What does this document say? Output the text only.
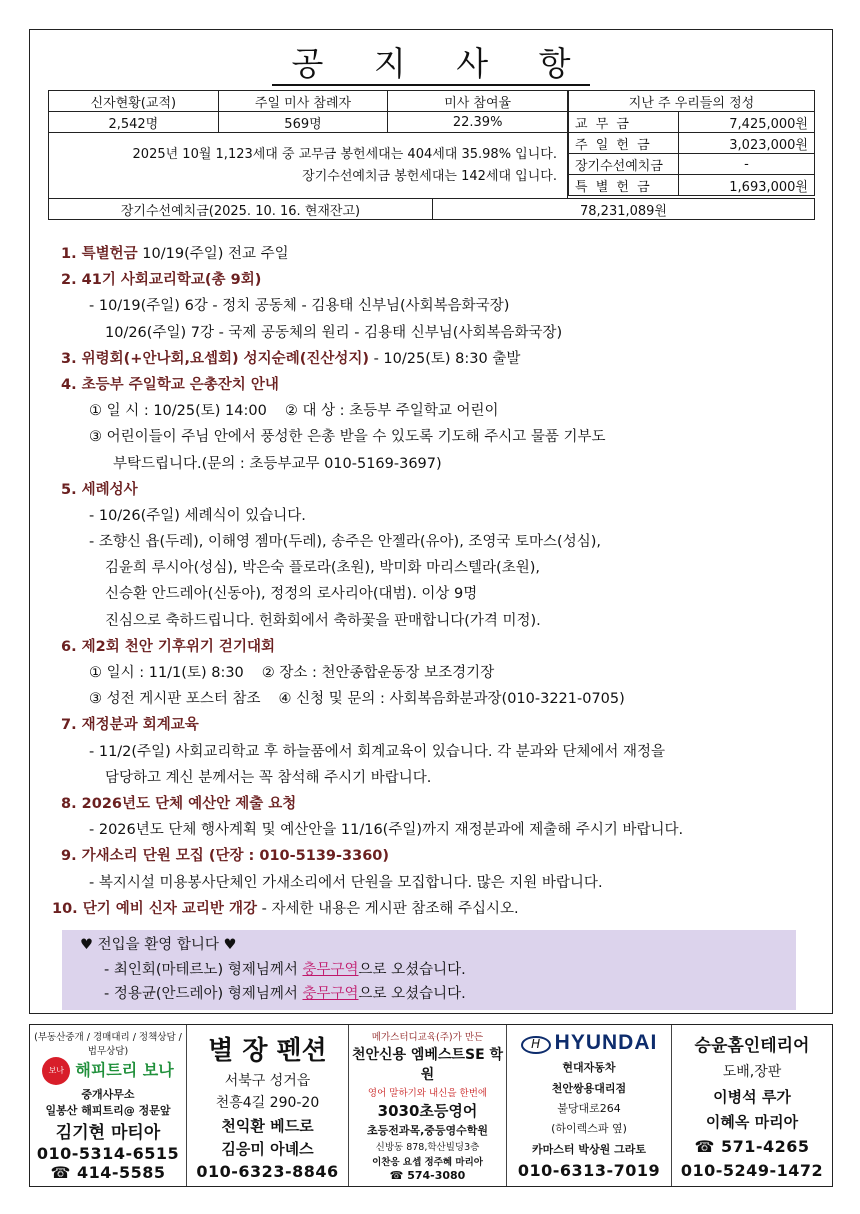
공 지 사 항
신자현황(교적)	주일 미사 참례자	미사 참여율
2,542명	569명	22.39%

2025년 10월 1,123세대 중 교무금 봉헌세대는 404세대 35.98% 입니다.
장기수선예치금 봉헌세대는 142세대 입니다.		
지난 주 우리들의 정성	
교 무 금	7,425,000원
주 일 헌 금	3,023,000원
장기수선예치금	-
특 별 헌 금	1,693,000원
장기수선예치금(2025. 10. 16. 현재잔고)	78,231,089원
1. 특별헌금 10/19(주일) 전교 주일
2. 41기 사회교리학교(총 9회)
- 10/19(주일) 6강 - 정치 공동체 - 김용태 신부님(사회복음화국장)
10/26(주일) 7강 - 국제 공동체의 원리 - 김용태 신부님(사회복음화국장)
3. 위령회(+안나회,요셉회) 성지순례(진산성지) - 10/25(토) 8:30 출발
4. 초등부 주일학교 은총잔치 안내
① 일 시 : 10/25(토) 14:00 ② 대 상 : 초등부 주일학교 어린이
③ 어린이들이 주님 안에서 풍성한 은총 받을 수 있도록 기도해 주시고 물품 기부도
부탁드립니다.(문의 : 초등부교무 010-5169-3697)
5. 세례성사
- 10/26(주일) 세례식이 있습니다.
- 조향신 욥(두레), 이해영 젬마(두레), 송주은 안젤라(유아), 조영국 토마스(성심),
김윤희 루시아(성심), 박은숙 플로라(초원), 박미화 마리스텔라(초원),
신승환 안드레아(신동아), 정정의 로사리아(대범). 이상 9명
진심으로 축하드립니다. 헌화회에서 축하꽃을 판매합니다(가격 미정).
6. 제2회 천안 기후위기 걷기대회
① 일시 : 11/1(토) 8:30 ② 장소 : 천안종합운동장 보조경기장
③ 성전 게시판 포스터 참조 ④ 신청 및 문의 : 사회복음화분과장(010-3221-0705)
7. 재정분과 회계교육
- 11/2(주일) 사회교리학교 후 하늘품에서 회계교육이 있습니다. 각 분과와 단체에서 재정을
담당하고 계신 분께서는 꼭 참석해 주시기 바랍니다.
8. 2026년도 단체 예산안 제출 요청
- 2026년도 단체 행사계획 및 예산안을 11/16(주일)까지 재정분과에 제출해 주시기 바랍니다.
9. 가새소리 단원 모집 (단장 : 010-5139-3360)
- 복지시설 미용봉사단체인 가새소리에서 단원을 모집합니다. 많은 지원 바랍니다.
10. 단기 예비 신자 교리반 개강 - 자세한 내용은 게시판 참조해 주십시오.
♥ 전입을 환영 합니다 ♥
- 최인회(마테르노) 형제님께서 충무구역으로 오셨습니다.
- 정용균(안드레아) 형제님께서 충무구역으로 오셨습니다.
(부동산중개 / 경매대리 / 정책상담 / 법무상담)
보나 해피트리 보나
중개사무소
일봉산 해피트리@ 정문앞
김기현 마티아
010-5314-6515
☎ 414-5585
별 장 펜션
서북구 성거읍
천흥4길 290-20
천익환 베드로
김응미 아녜스
010-6323-8846
메가스터디교육(주)가 만든
천안신용 엠베스트SE 학원
영어 말하기와 내신을 한번에
3030초등영어
초등전과목,중등영수학원
신방동 878,학산빌딩3층
이찬응 요셉 정주혜 마리아
☎ 574-3080
H HYUNDAI
현대자동차
천안쌍용대리점
불당대로264
(하이렉스파 옆)
카마스터 박상원 그라토
010-6313-7019
승윤홈인테리어
도배,장판
이병석 루가
이혜옥 마리아
☎ 571-4265
010-5249-1472
